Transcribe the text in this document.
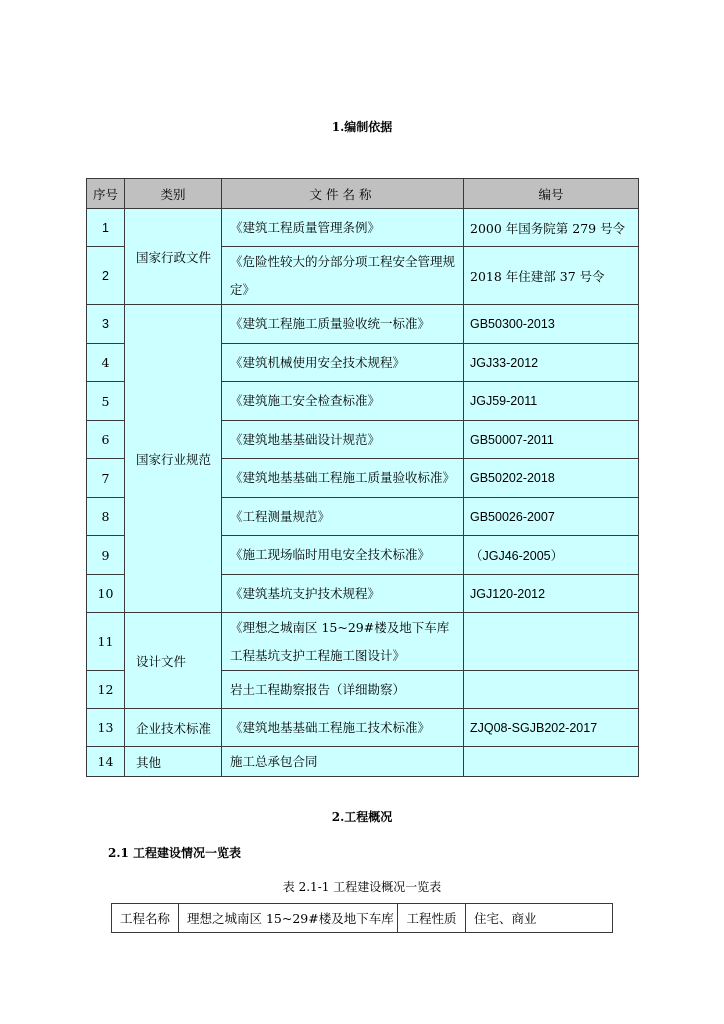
1.编制依据
序号	类别	文件名称	编号
1	国家行政文件	《建筑工程质量管理条例》	2000 年国务院第 279 号令
2		《危险性较大的分部分项工程安全管理规定》	2018 年住建部 37 号令
3	国家行业规范	《建筑工程施工质量验收统一标准》	GB50300-2013
4		《建筑机械使用安全技术规程》	JGJ33-2012
5		《建筑施工安全检查标准》	JGJ59-2011
6		《建筑地基基础设计规范》	GB50007-2011
7		《建筑地基基础工程施工质量验收标准》	GB50202-2018
8		《工程测量规范》	GB50026-2007
9		《施工现场临时用电安全技术标准》	（JGJ46-2005）
10		《建筑基坑支护技术规程》	JGJ120-2012
11	设计文件	《理想之城南区 15~29#楼及地下车库工程基坑支护工程施工图设计》	
12		岩土工程勘察报告（详细勘察）	
13	企业技术标准	《建筑地基基础工程施工技术标准》	ZJQ08-SGJB202-2017
14	其他	施工总承包合同	
2.工程概况
2.1 工程建设情况一览表
表 2.1-1 工程建设概况一览表
工程名称	理想之城南区 15~29#楼及地下车库	工程性质	住宅、商业
